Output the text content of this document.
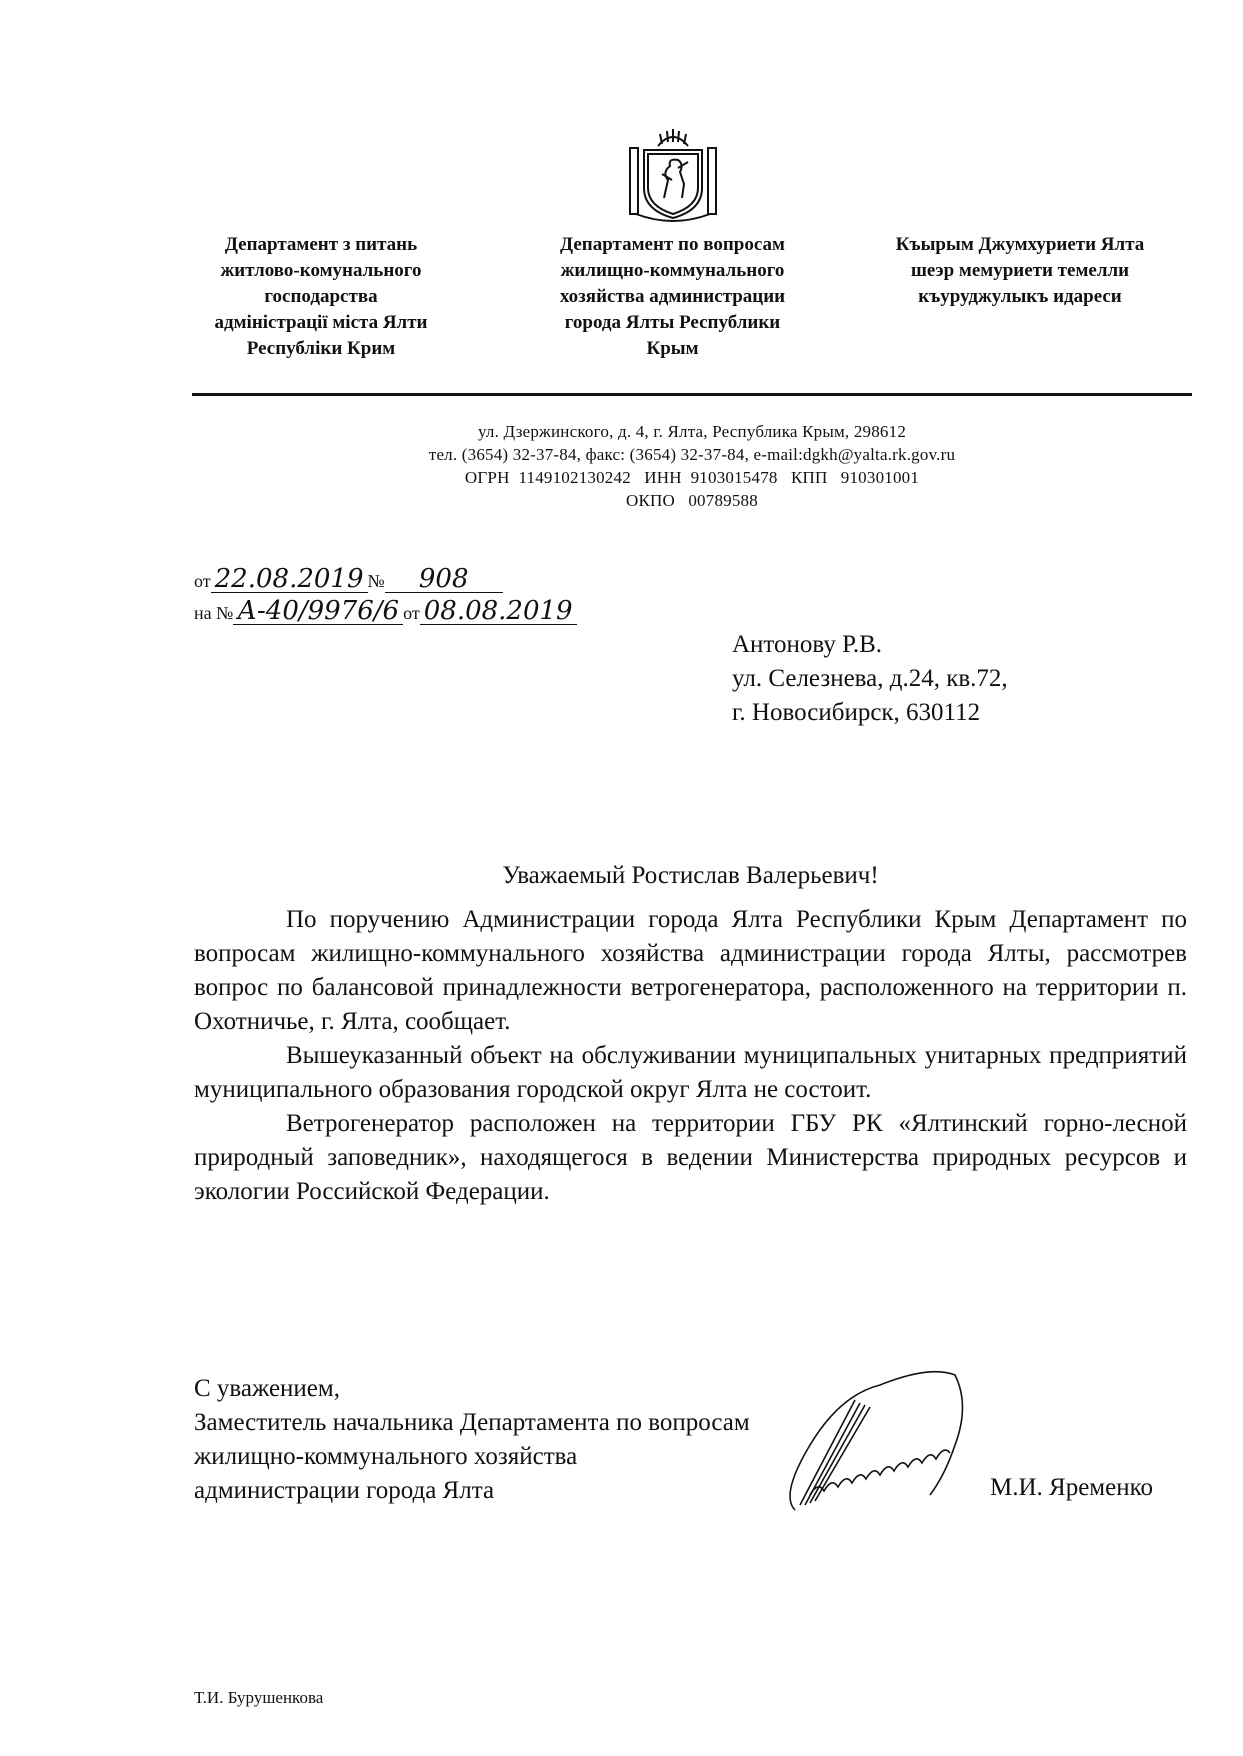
Департамент з питань
житлово-комунального
господарства
адміністрації міста Ялти
Республіки Крим
Департамент по вопросам
жилищно-коммунального
хозяйства администрации
города Ялты Республики
Крым
Къырым Джумхуриети Ялта
шеэр мемуриети темелли
къуруджулыкъ идареси
ул. Дзержинского, д. 4, г. Ялта, Республика Крым, 298612
тел. (3654) 32-37-84, факс: (3654) 32-37-84, e-mail:dgkh@yalta.rk.gov.ru
ОГРН  1149102130242   ИНН  9103015478   КПП   910301001
ОКПО   00789588
от 22.08.2019 № 908
на № А-40/9976/6 от 08.08.2019
Антонову Р.В.
ул. Селезнева, д.24, кв.72,
г. Новосибирск, 630112
Уважаемый Ростислав Валерьевич!

По поручению Администрации города Ялта Республики Крым Департамент по вопросам жилищно-коммунального хозяйства администрации города Ялты, рассмотрев вопрос по балансовой принадлежности ветрогенератора, расположенного на территории п. Охотничье, г. Ялта, сообщает.

Вышеуказанный объект на обслуживании муниципальных унитарных предприятий муниципального образования городской округ Ялта не состоит.

Ветрогенератор расположен на территории ГБУ РК «Ялтинский горно-лесной природный заповедник», находящегося в ведении Министерства природных ресурсов и экологии Российской Федерации.

С уважением,
Заместитель начальника Департамента по вопросам
жилищно-коммунального хозяйства
администрации города Ялта	М.И. Яременко
Т.И. Бурушенкова
